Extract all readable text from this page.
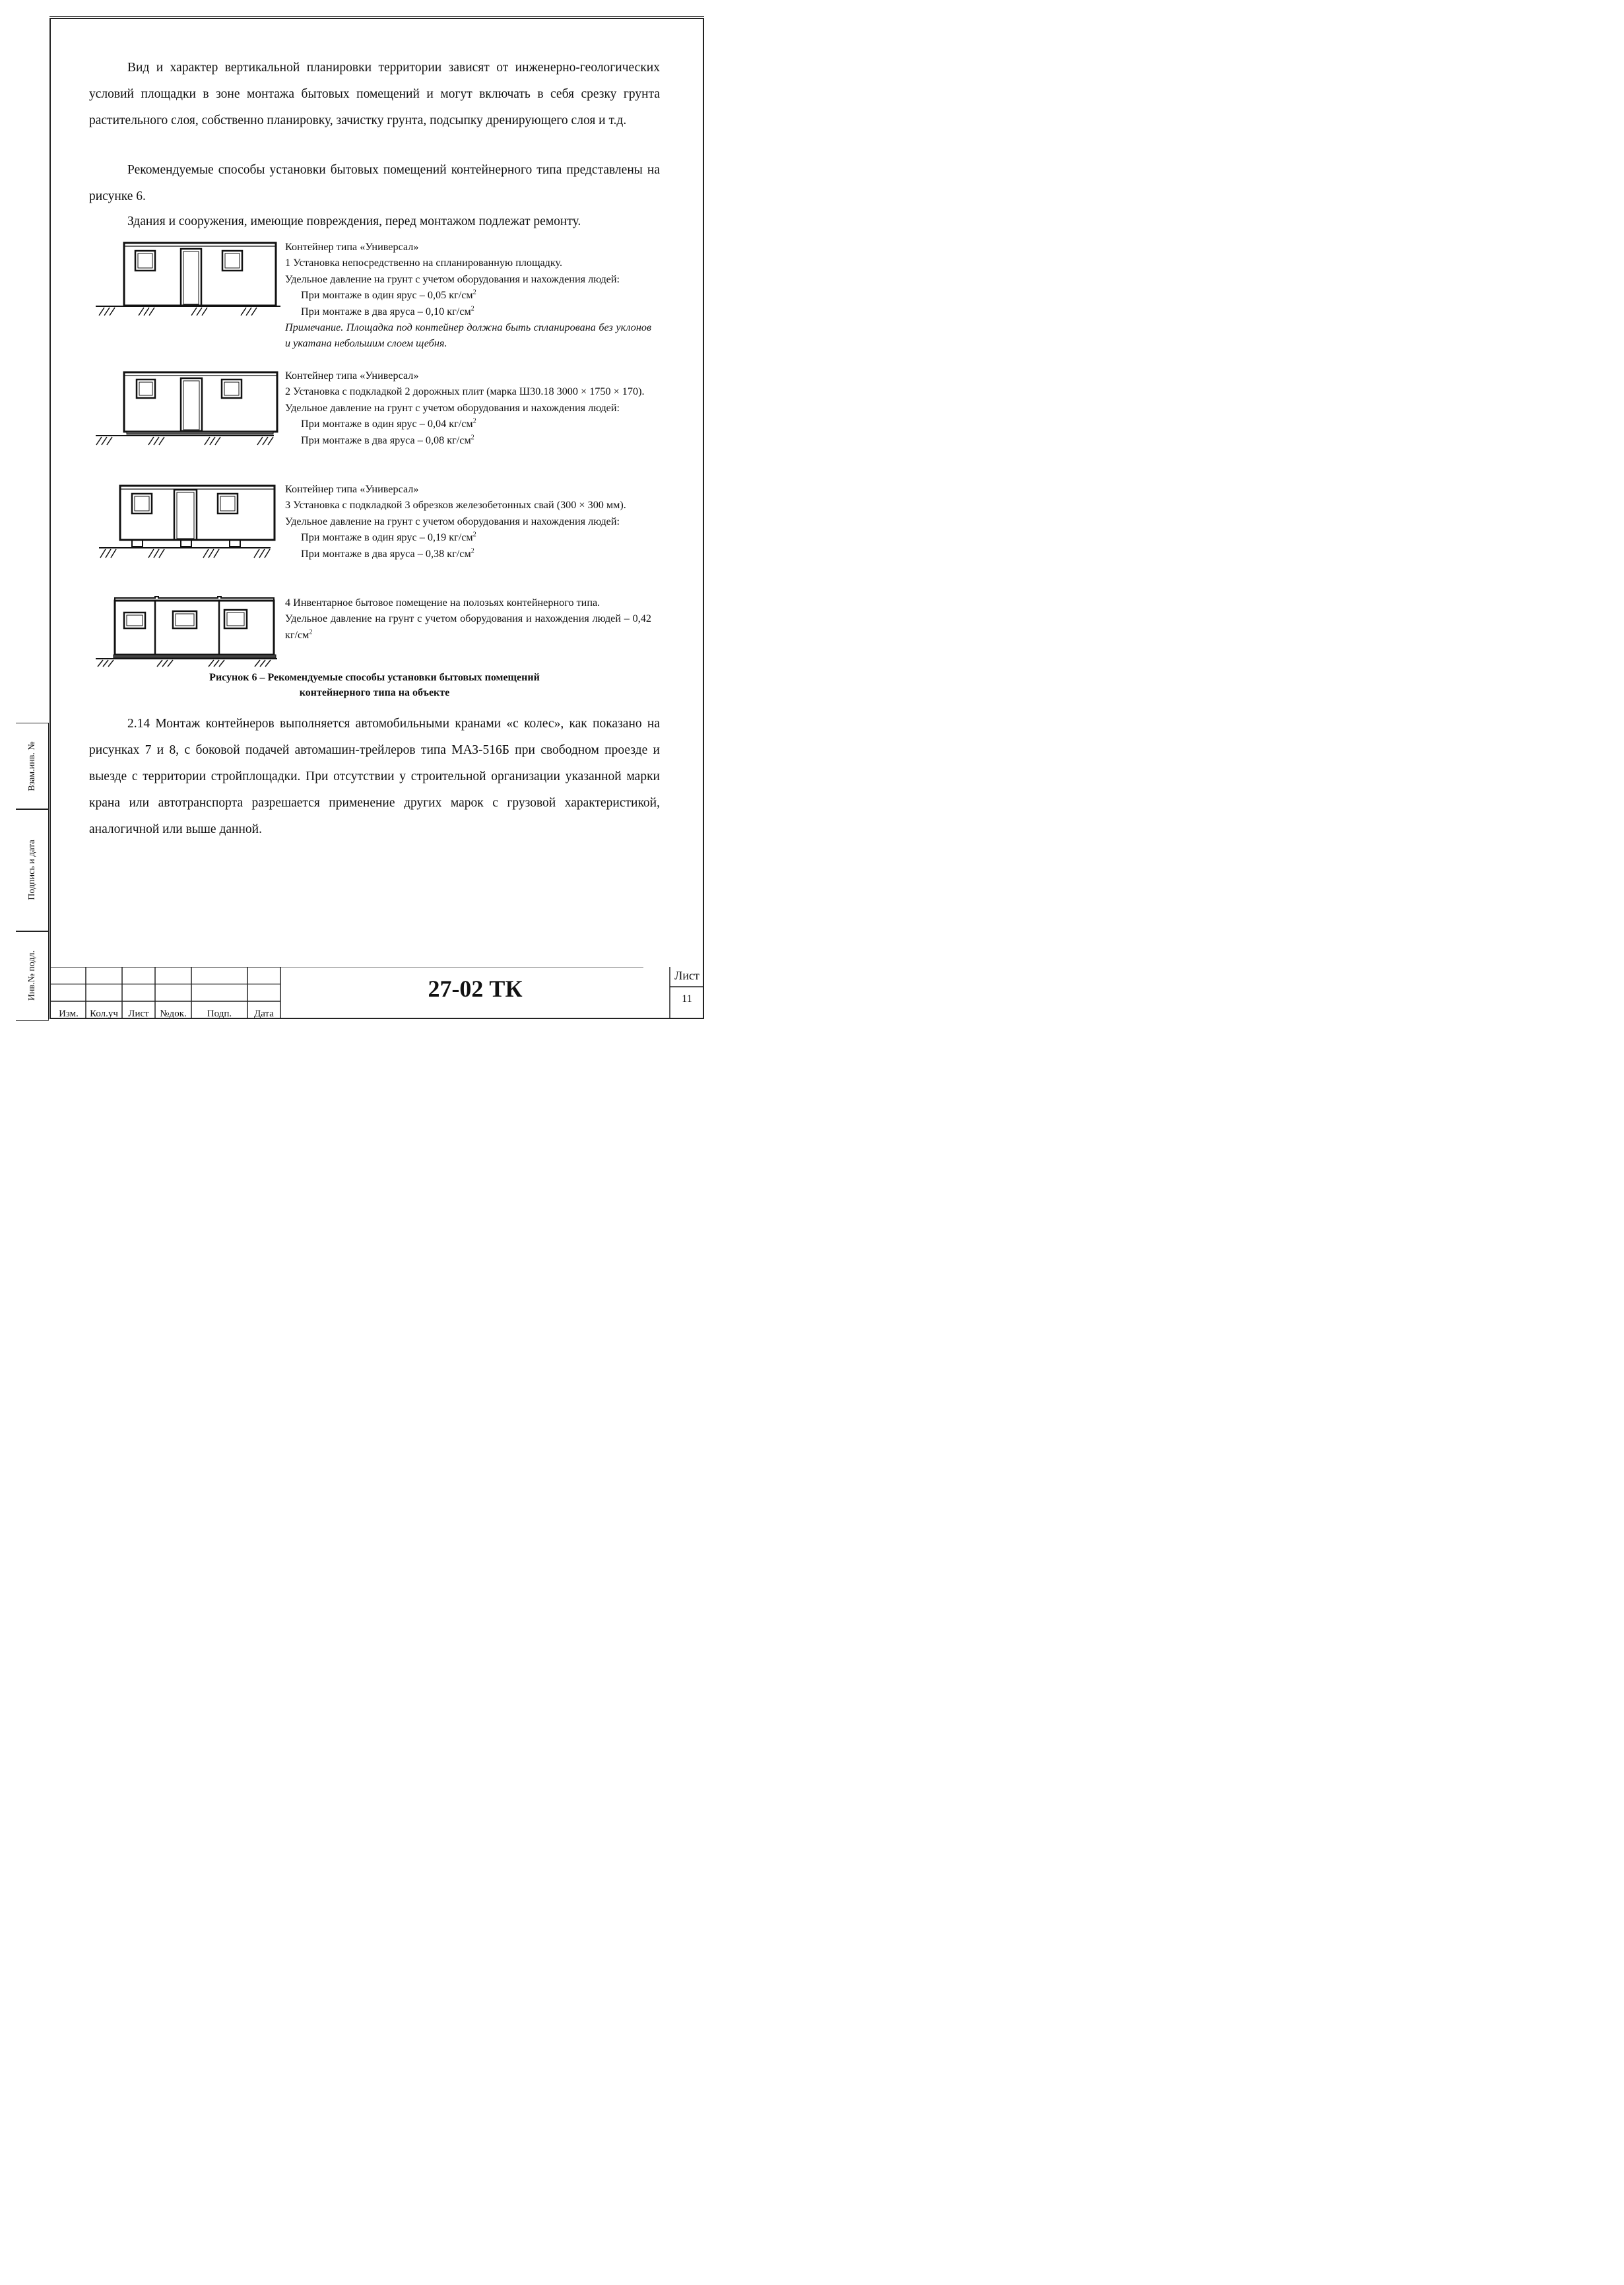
Вид и характер вертикальной планировки территории зависят от инженерно-геологических условий площадки в зоне монтажа бытовых помещений и могут включать в себя срезку грунта растительного слоя, собственно планировку, зачистку грунта, подсыпку дренирующего слоя и т.д.

Рекомендуемые способы установки бытовых помещений контейнерного типа представлены на рисунке 6.

Здания и сооружения, имеющие повреждения, перед монтажом подлежат ремонту.

Контейнер типа «Универсал»
1 Установка непосредственно на спланированную площадку.
Удельное давление на грунт с учетом оборудования и нахождения людей:
При монтаже в один ярус – 0,05 $кг/см^2$
При монтаже в два яруса – 0,10 $кг/см^2$
Примечание. Площадка под контейнер должна быть спланирована без уклонов и укатана небольшим слоем щебня.
Контейнер типа «Универсал»
2 Установка с подкладкой 2 дорожных плит (марка Ш30.18 3000 × 1750 × 170).
Удельное давление на грунт с учетом оборудования и нахождения людей:
При монтаже в один ярус – 0,04 $кг/см^2$
При монтаже в два яруса – 0,08 $кг/см^2$
Контейнер типа «Универсал»
3 Установка с подкладкой 3 обрезков железобетонных свай (300 × 300 мм).
Удельное давление на грунт с учетом оборудования и нахождения людей:
При монтаже в один ярус – 0,19 $кг/см^2$
При монтаже в два яруса – 0,38 $кг/см^2$
4 Инвентарное бытовое помещение на полозьях контейнерного типа.
Удельное давление на грунт с учетом оборудования и нахождения людей – 0,42 $кг/см^2$
Рисунок 6 – Рекомендуемые способы установки бытовых помещений
контейнерного типа на объекте

2.14 Монтаж контейнеров выполняется автомобильными кранами «с колес», как показано на рисунках 7 и 8, с боковой подачей автомашин-трейлеров типа МАЗ-516Б при свободном проезде и выезде с территории стройплощадки. При отсутствии у строительной организации указанной марки крана или автотранспорта разрешается применение других марок с грузовой характеристикой, аналогичной или выше данной.

Взам.инв. №
Подпись и дата
Инв.№ подл.
Изм.	Кол.уч	Лист	№док.	Подп.	Дата
27-02 ТК	Лист
11
